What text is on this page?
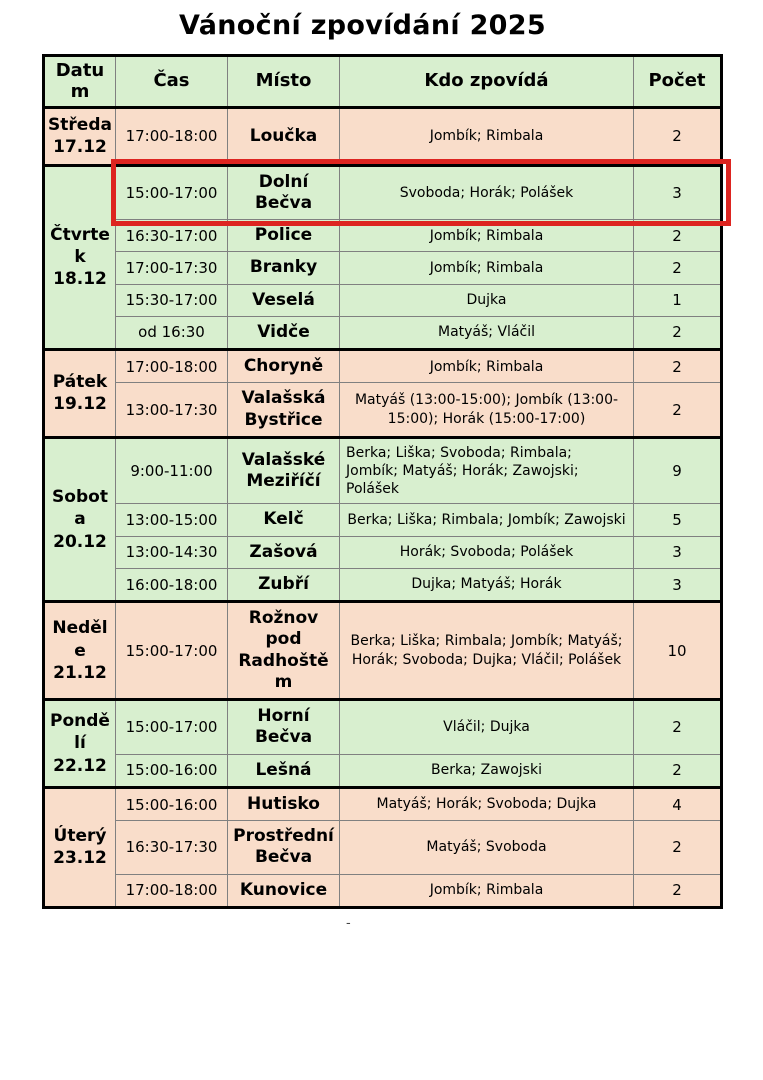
Vánoční zpovídání 2025
Datum	Čas	Místo	Kdo zpovídá	Počet
Středa 17.12	17:00-18:00	Loučka	Jombík; Rimbala	2
Čtvrtek 18.12	15:00-17:00	Dolní Bečva	Svoboda; Horák; Polášek	3
	16:30-17:00	Police	Jombík; Rimbala	2
	17:00-17:30	Branky	Jombík; Rimbala	2
	15:30-17:00	Veselá	Dujka	1
	od 16:30	Vidče	Matyáš; Vláčil	2
Pátek 19.12	17:00-18:00	Choryně	Jombík; Rimbala	2
	13:00-17:30	Valašská Bystřice	Matyáš (13:00-15:00); Jombík (13:00-15:00); Horák (15:00-17:00)	2
Sobota 20.12	9:00-11:00	Valašské Meziříčí	Berka; Liška; Svoboda; Rimbala; Jombík; Matyáš; Horák; Zawojski; Polášek	9
	13:00-15:00	Kelč	Berka; Liška; Rimbala; Jombík; Zawojski	5
	13:00-14:30	Zašová	Horák; Svoboda; Polášek	3
	16:00-18:00	Zubří	Dujka; Matyáš; Horák	3
Neděle 21.12	15:00-17:00	Rožnov pod Radhoštěm	Berka; Liška; Rimbala; Jombík; Matyáš; Horák; Svoboda; Dujka; Vláčil; Polášek	10
Pondělí 22.12	15:00-17:00	Horní Bečva	Vláčil; Dujka	2
	15:00-16:00	Lešná	Berka; Zawojski	2
Úterý 23.12	15:00-16:00	Hutisko	Matyáš; Horák; Svoboda; Dujka	4
	16:30-17:30	Prostřední Bečva	Matyáš; Svoboda	2
	17:00-18:00	Kunovice	Jombík; Rimbala	2
-
